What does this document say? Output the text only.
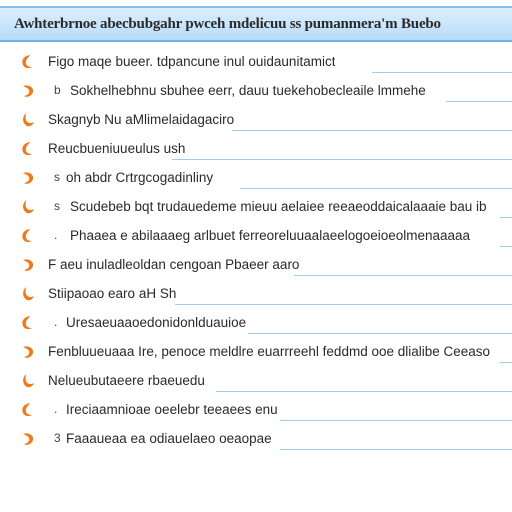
Awhterbrnoe abecbubgahr pwceh mdelicuu ss pumanmera'm Buebo
Figo maqe bueer. tdpancune inul ouidaunitamict
b Sokhelhebhnu sbuhee eerr, dauu tuekehobecleaile lmmehe
Skagnyb Nu aMlimelaidagaciro
Reucbueniuueulus ush
s oh abdr Crtrgcogadinliny
s Scudebeb bqt trudauedeme mieuu aelaiee reeaeoddaicalaaaie bau ib
. Phaaea e abilaaaeg arlbuet ferreoreluuaalaeelogoeioeolmenaaaaa
F aeu inuladleoldan cengoan Pbaeer aaro
Stiipaoao earo aH Sh
. Uresaeuaaoedonidonlduauioe
Fenbluueuaaa Ire, penoce meldlre euarrreehl feddmd ooe dlialibe Ceeaso
Nelueubutaeere rbaeuedu
. Ireciaamnioae oeelebr teeaees enu
3 Faaaueaa ea odiauelaeo oeaopae
